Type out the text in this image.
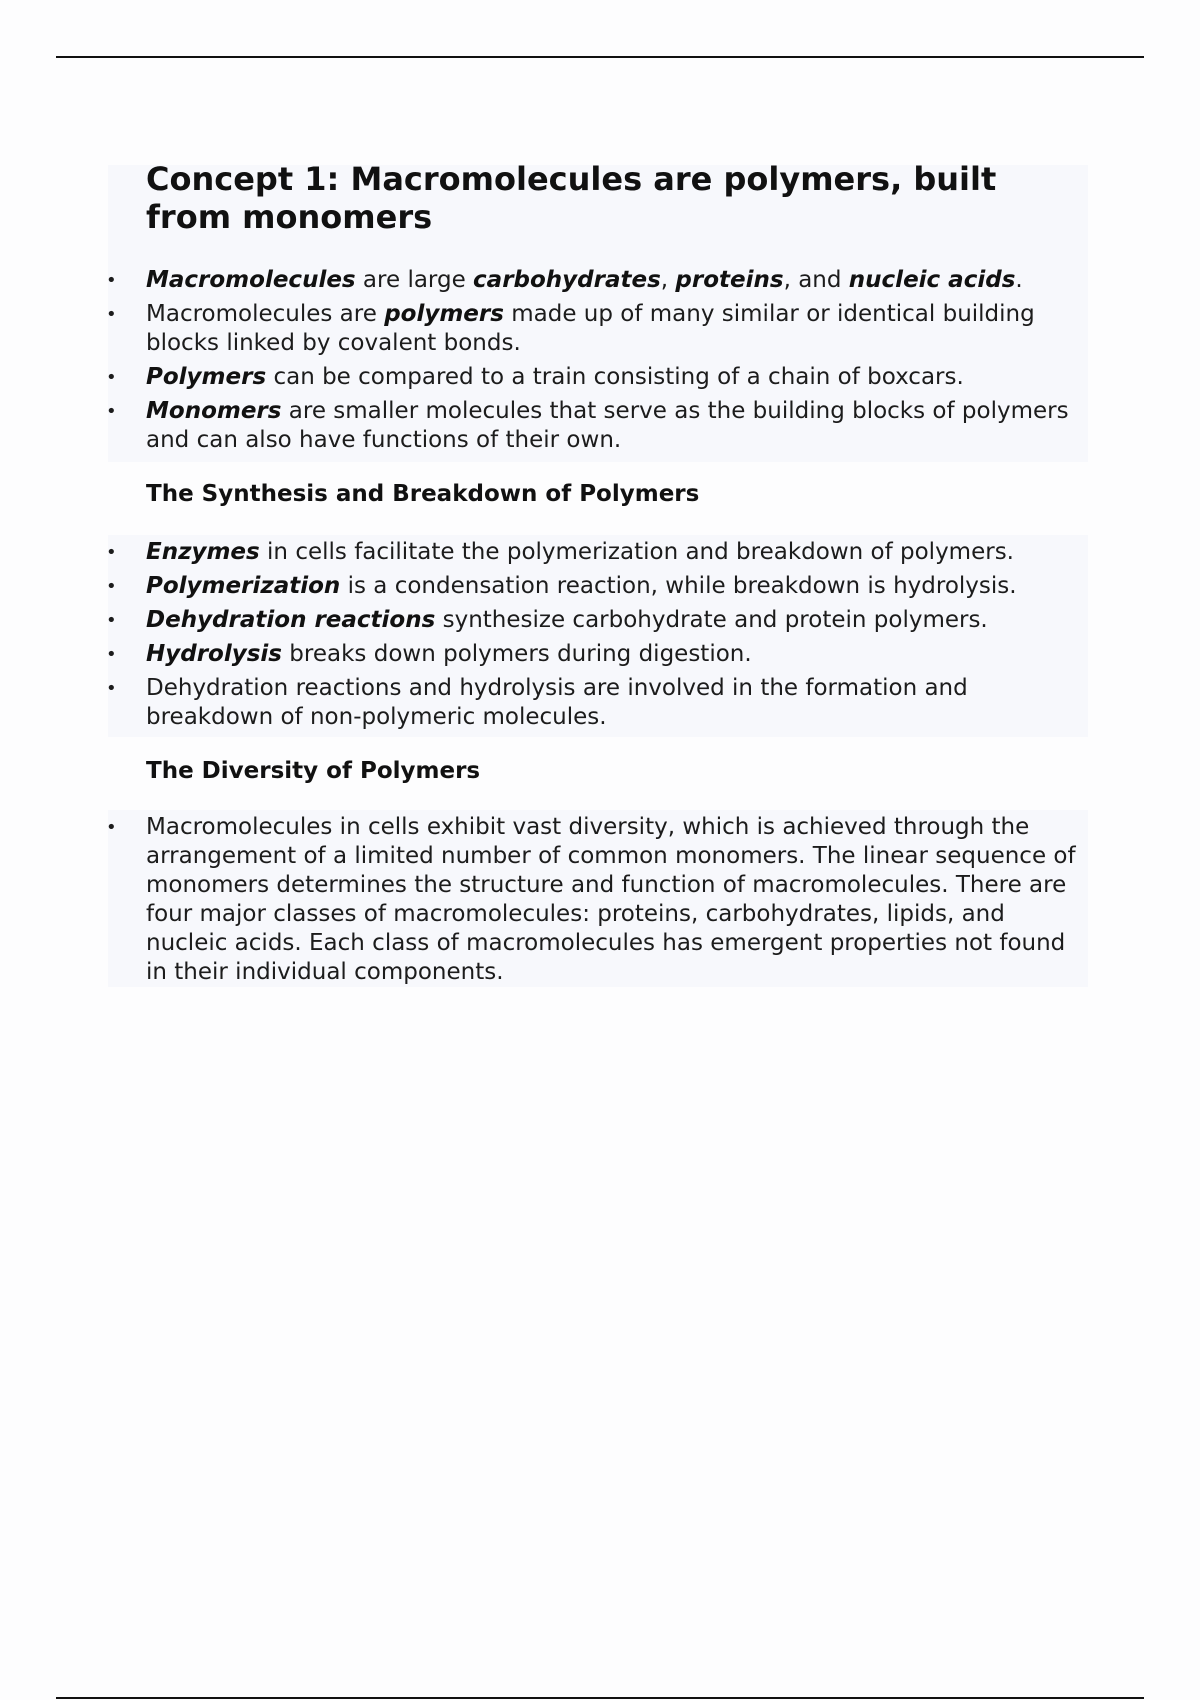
Concept 1: Macromolecules are polymers, built from monomers
• Macromolecules are large carbohydrates, proteins, and nucleic acids.
• Macromolecules are polymers made up of many similar or identical building blocks linked by covalent bonds.
• Polymers can be compared to a train consisting of a chain of boxcars.
• Monomers are smaller molecules that serve as the building blocks of polymers and can also have functions of their own.
The Synthesis and Breakdown of Polymers
• Enzymes in cells facilitate the polymerization and breakdown of polymers.
• Polymerization is a condensation reaction, while breakdown is hydrolysis.
• Dehydration reactions synthesize carbohydrate and protein polymers.
• Hydrolysis breaks down polymers during digestion.
• Dehydration reactions and hydrolysis are involved in the formation and breakdown of non-polymeric molecules.
The Diversity of Polymers
• Macromolecules in cells exhibit vast diversity, which is achieved through the arrangement of a limited number of common monomers. The linear sequence of monomers determines the structure and function of macromolecules. There are four major classes of macromolecules: proteins, carbohydrates, lipids, and nucleic acids. Each class of macromolecules has emergent properties not found in their individual components.
